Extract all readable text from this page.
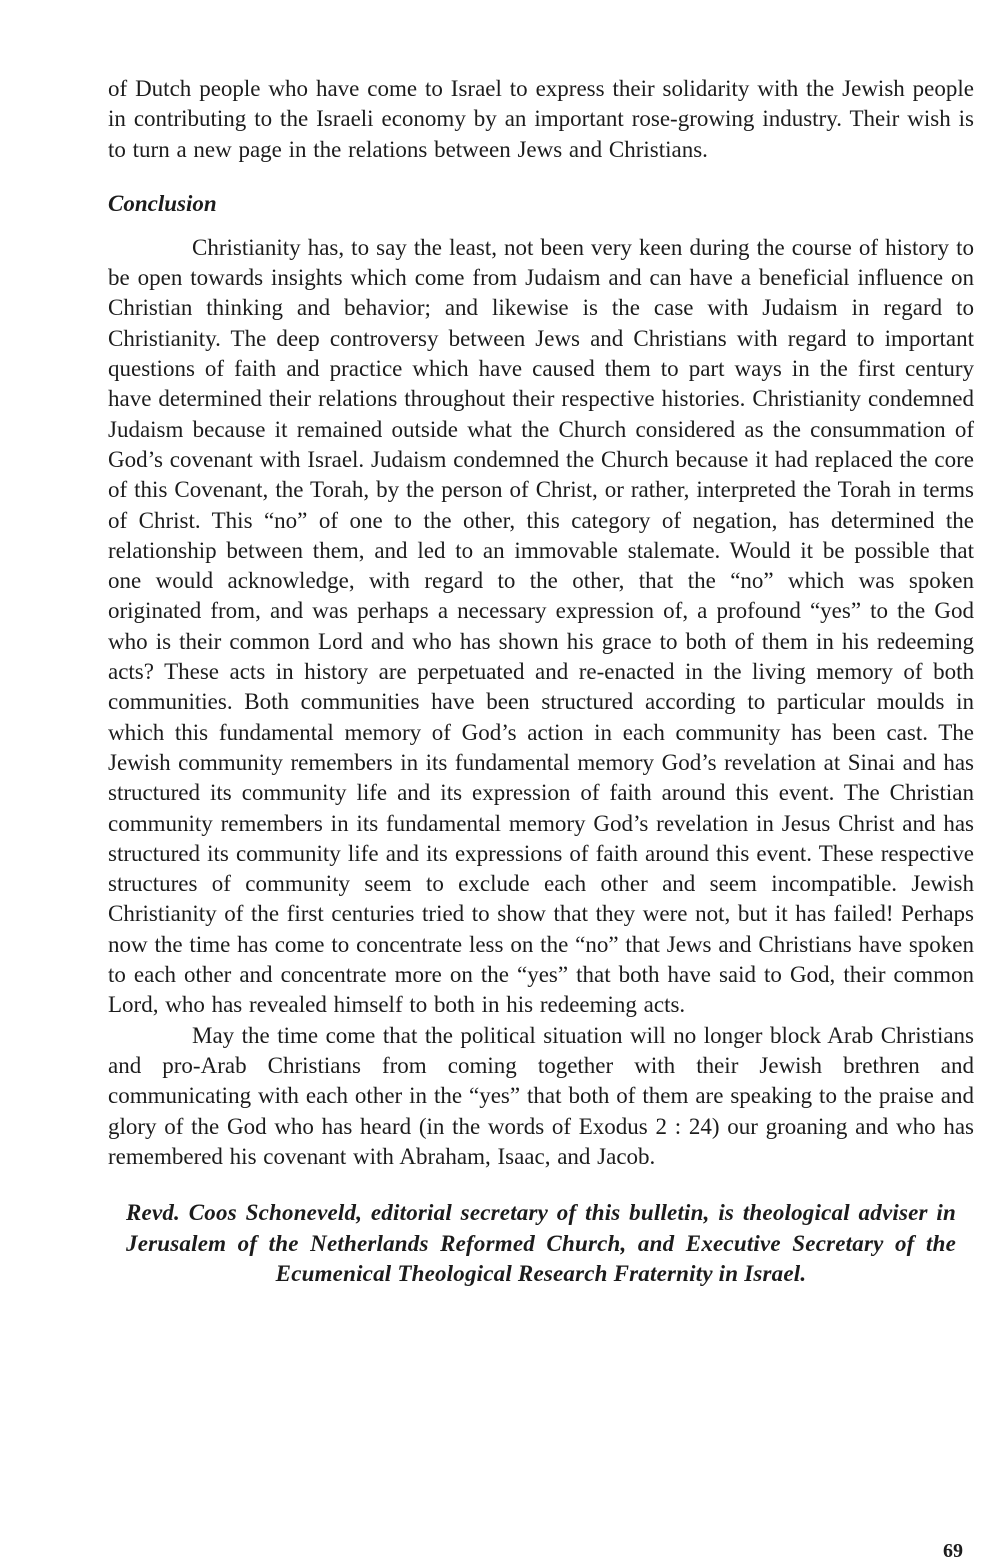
of Dutch people who have come to Israel to express their solidarity with the Jewish people in contributing to the Israeli economy by an important rose-growing industry. Their wish is to turn a new page in the relations between Jews and Christians.

Conclusion

Christianity has, to say the least, not been very keen during the course of history to be open towards insights which come from Judaism and can have a beneficial influence on Christian thinking and behavior; and likewise is the case with Judaism in regard to Christianity. The deep controversy between Jews and Christians with regard to important questions of faith and practice which have caused them to part ways in the first century have determined their relations throughout their respective histories. Christianity condemned Judaism because it remained outside what the Church considered as the consummation of God’s covenant with Israel. Judaism condemned the Church because it had replaced the core of this Covenant, the Torah, by the person of Christ, or rather, interpreted the Torah in terms of Christ. This “no” of one to the other, this category of negation, has determined the relationship between them, and led to an immovable stalemate. Would it be possible that one would acknowledge, with regard to the other, that the “no” which was spoken originated from, and was perhaps a necessary expression of, a profound “yes” to the God who is their common Lord and who has shown his grace to both of them in his redeeming acts? These acts in history are perpetuated and re-enacted in the living memory of both communities. Both communities have been structured according to particular moulds in which this fundamental memory of God’s action in each community has been cast. The Jewish community remembers in its fundamental memory God’s revelation at Sinai and has structured its community life and its expression of faith around this event. The Christian community remembers in its fundamental memory God’s revelation in Jesus Christ and has structured its community life and its expressions of faith around this event. These respective structures of community seem to exclude each other and seem incompatible. Jewish Christianity of the first centuries tried to show that they were not, but it has failed! Perhaps now the time has come to concentrate less on the “no” that Jews and Christians have spoken to each other and concentrate more on the “yes” that both have said to God, their common Lord, who has revealed himself to both in his redeeming acts.

May the time come that the political situation will no longer block Arab Christians and pro-Arab Christians from coming together with their Jewish brethren and communicating with each other in the “yes” that both of them are speaking to the praise and glory of the God who has heard (in the words of Exodus 2 : 24) our groaning and who has remembered his covenant with Abraham, Isaac, and Jacob.

Revd. Coos Schoneveld, editorial secretary of this bulletin, is theological adviser in Jerusalem of the Netherlands Reformed Church, and Executive Secretary of the Ecumenical Theological Research Fraternity in Israel.

69
